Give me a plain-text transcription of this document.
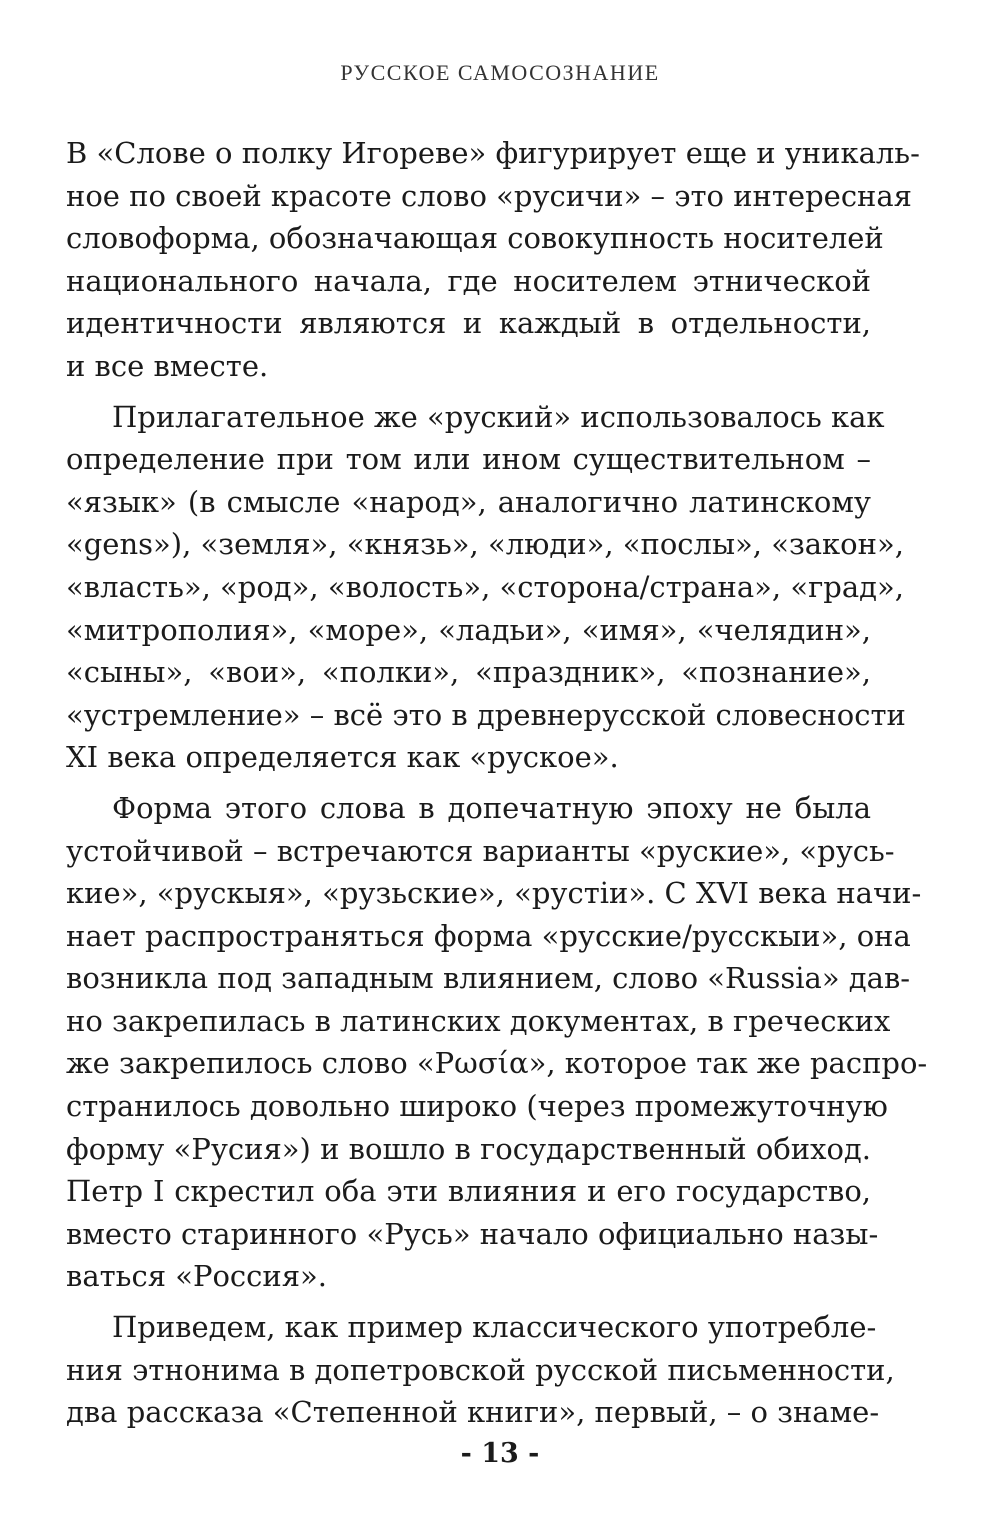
РУССКОЕ САМОСОЗНАНИЕ
В «Слове о полку Игореве» фигурирует еще и уникаль-
ное по своей красоте слово «русичи» – это интересная
словоформа, обозначающая совокупность носителей
национального начала, где носителем этнической
идентичности являются и каждый в отдельности,
и все вместе.
Прилагательное же «руский» использовалось как
определение при том или ином существительном –
«язык» (в смысле «народ», аналогично латинскому
«gens»), «земля», «князь», «люди», «послы», «закон»,
«власть», «род», «волость», «сторона/страна», «град»,
«митрополия», «море», «ладьи», «имя», «челядин»,
«сыны», «вои», «полки», «праздник», «познание»,
«устремление» – всё это в древнерусской словесности
XI века определяется как «руское».
Форма этого слова в допечатную эпоху не была
устойчивой – встречаются варианты «руские», «русь-
кие», «рускыя», «рузьские», «рустіи». С XVI века начи-
нает распространяться форма «русские/русскыи», она
возникла под западным влиянием, слово «Russia» дав-
но закрепилась в латинских документах, в греческих
же закрепилось слово «Ρωσία», которое так же распро-
странилось довольно широко (через промежуточную
форму «Русия») и вошло в государственный обиход.
Петр I скрестил оба эти влияния и его государство,
вместо старинного «Русь» начало официально назы-
ваться «Россия».
Приведем, как пример классического употребле-
ния этнонима в допетровской русской письменности,
два рассказа «Степенной книги», первый, – о знаме-
- 13 -
